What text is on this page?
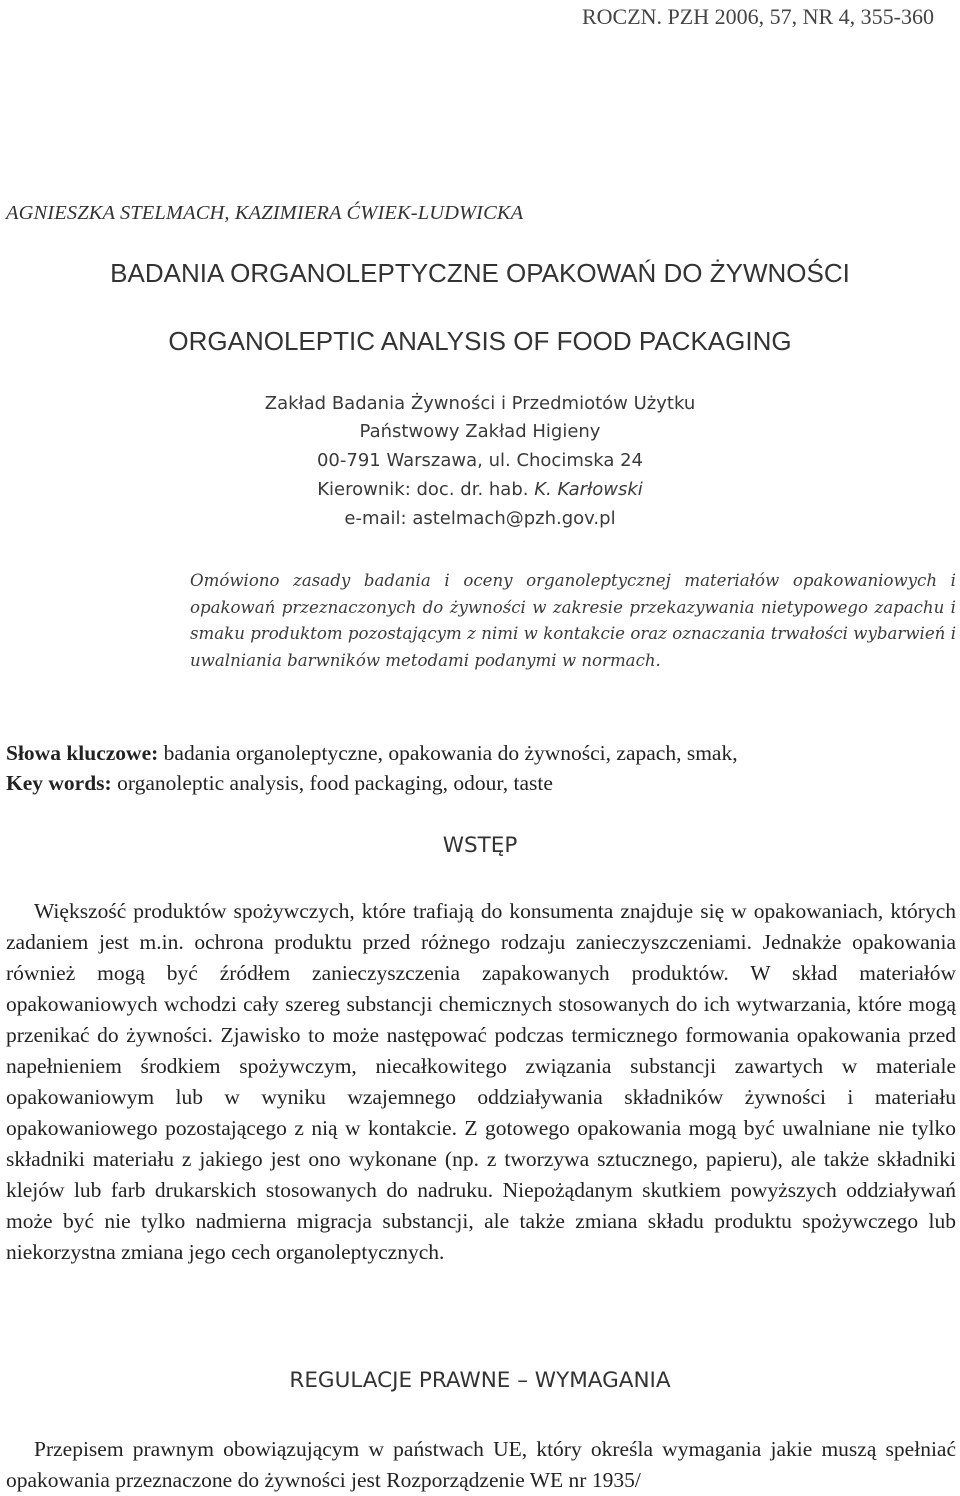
ROCZN. PZH 2006, 57, NR 4, 355-360

AGNIESZKA STELMACH, KAZIMIERA ĆWIEK-LUDWICKA

BADANIA ORGANOLEPTYCZNE OPAKOWAŃ DO ŻYWNOŚCI
ORGANOLEPTIC ANALYSIS OF FOOD PACKAGING

Zakład Badania Żywności i Przedmiotów Użytku

Państwowy Zakład Higieny

00-791 Warszawa, ul. Chocimska 24

Kierownik: doc. dr. hab. K. Karłowski

e-mail: astelmach@pzh.gov.pl

Omówiono zasady badania i oceny organoleptycznej materiałów opakowaniowych i opakowań przeznaczonych do żywności w zakresie przekazywania nietypowego zapachu i smaku produktom pozostającym z nimi w kontakcie oraz oznaczania trwałości wybarwień i uwalniania barwników metodami podanymi w normach.

Słowa kluczowe: badania organoleptyczne, opakowania do żywności, zapach, smak,

Key words: organoleptic analysis, food packaging, odour, taste

WSTĘP

Większość produktów spożywczych, które trafiają do konsumenta znajduje się w opakowaniach, których zadaniem jest m.in. ochrona produktu przed różnego rodzaju zanieczyszczeniami. Jednakże opakowania również mogą być źródłem zanieczyszczenia zapakowanych produktów. W skład materiałów opakowaniowych wchodzi cały szereg substancji chemicznych stosowanych do ich wytwarzania, które mogą przenikać do żywności. Zjawisko to może następować podczas termicznego formowania opakowania przed napełnieniem środkiem spożywczym, niecałkowitego związania substancji zawartych w materiale opakowaniowym lub w wyniku wzajemnego oddziaływania składników żywności i materiału opakowaniowego pozostającego z nią w kontakcie. Z gotowego opakowania mogą być uwalniane nie tylko składniki materiału z jakiego jest ono wykonane (np. z tworzywa sztucznego, papieru), ale także składniki klejów lub farb drukarskich stosowanych do nadruku. Niepożądanym skutkiem powyższych oddziaływań może być nie tylko nadmierna migracja substancji, ale także zmiana składu produktu spożywczego lub niekorzystna zmiana jego cech organoleptycznych.

REGULACJE PRAWNE – WYMAGANIA

Przepisem prawnym obowiązującym w państwach UE, który określa wymagania jakie muszą spełniać opakowania przeznaczone do żywności jest Rozporządzenie WE nr 1935/
